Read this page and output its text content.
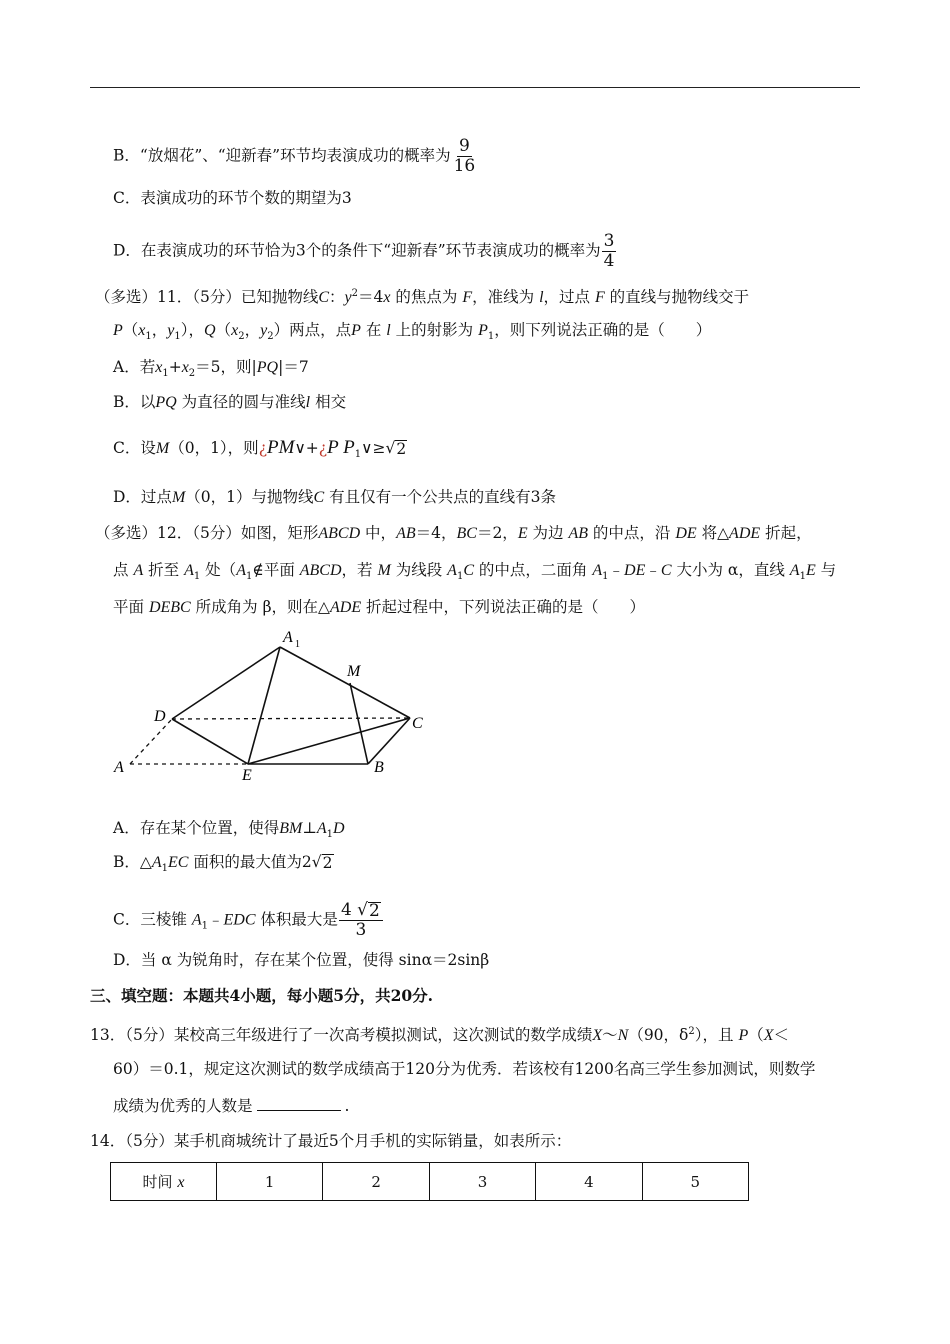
B．“放烟花”、“迎新春”环节均表演成功的概率为 $\frac{9}{16}$
C．表演成功的环节个数的期望为3
D．在表演成功的环节恰为3个的条件下“迎新春”环节表演成功的概率为 $\frac{3}{4}$
（多选）11．（5分）已知抛物线C：$y^2=4x$ 的焦点为 F，准线为 l，过点 F 的直线与抛物线交于
$P(x_1$，$y_1$），$Q(x_2$，$y_2$）两点，点P 在 l 上的射影为 $P_1$，则下列说法正确的是（　　）
A．若$x_1+x_2=5$，则|PQ|＝7
B．以PQ 为直径的圆与准线l 相交
C．设M（0，1），则¿PM∨+¿P $P_1\vee\ge√$ 2
D．过点M（0，1）与抛物线C 有且仅有一个公共点的直线有3条
（多选）12．（5分）如图，矩形ABCD 中，AB＝4，BC＝2，E 为边 AB 的中点，沿 DE 将△ADE 折起，
点 A 折至 $A_1$ 处（$A_1\notin$平面 ABCD，若 M 为线段 $A_1C$ 的中点，二面角 $A_1﹣DE﹣C$ 大小为 α，直线 $A_1E$ 与
平面 DEBC 所成角为 β，则在△ADE 折起过程中，下列说法正确的是（　　）
A 1
M
D	C
A	E	B
A．存在某个位置，使得$BM\perp A_1D$
B．$\triangle A_1EC$ 面积的最大值为2√ 2
C．三棱锥 $A_1﹣EDC$ 体积最大是 $\frac{4 √ 2}{3}$
D．当 α 为锐角时，存在某个位置，使得 sinα＝2sinβ
三、填空题：本题共4小题，每小题5分，共20分.
13．（5分）某校高三年级进行了一次高考模拟测试，这次测试的数学成绩X～N（90，$\delta^2$），且 P（X＜
60）＝0.1，规定这次测试的数学成绩高于120分为优秀．若该校有1200名高三学生参加测试，则数学
成绩为优秀的人数是	.
14．（5分）某手机商城统计了最近5个月手机的实际销量，如表所示：
时间 x	1	2	3	4	5
